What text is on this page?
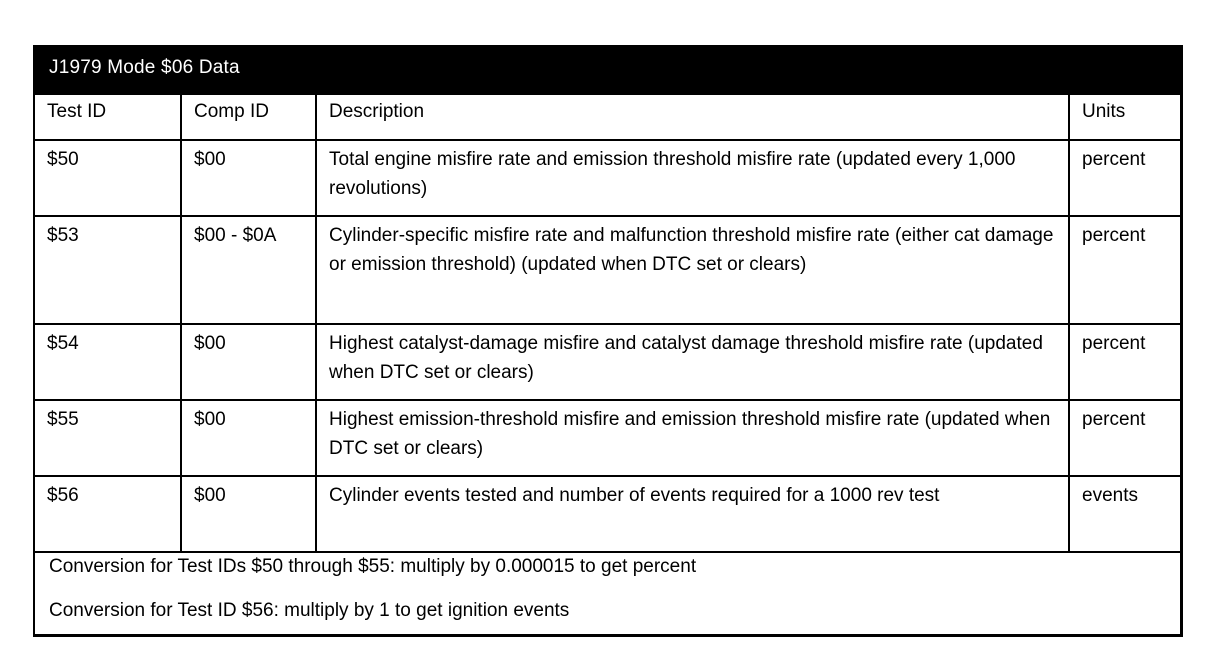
J1979 Mode $06 Data
Test ID	Comp ID	Description	Units
$50	$00	Total engine misfire rate and emission threshold misfire rate (updated every 1,000 revolutions)	percent
$53	$00 - $0A	Cylinder-specific misfire rate and malfunction threshold misfire rate (either cat damage or emission threshold) (updated when DTC set or clears)	percent
$54	$00	Highest catalyst-damage misfire and catalyst damage threshold misfire rate (updated when DTC set or clears)	percent
$55	$00	Highest emission-threshold misfire and emission threshold misfire rate (updated when DTC set or clears)	percent
$56	$00	Cylinder events tested and number of events required for a 1000 rev test	events

Conversion for Test IDs $50 through $55: multiply by 0.000015 to get percent

Conversion for Test ID $56: multiply by 1 to get ignition events
